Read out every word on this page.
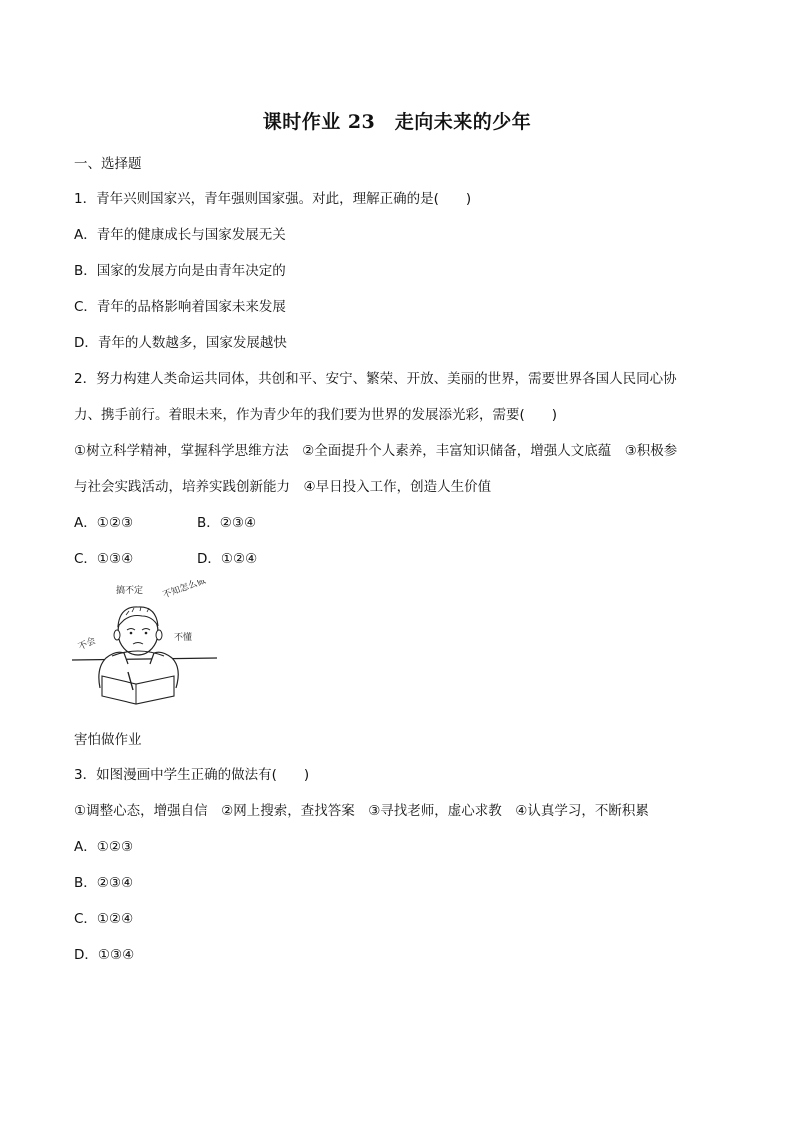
课时作业 23　走向未来的少年
一、选择题
1．青年兴则国家兴，青年强则国家强。对此，理解正确的是(　　)
A．青年的健康成长与国家发展无关
B．国家的发展方向是由青年决定的
C．青年的品格影响着国家未来发展
D．青年的人数越多，国家发展越快
2．努力构建人类命运共同体，共创和平、安宁、繁荣、开放、美丽的世界，需要世界各国人民同心协
力、携手前行。着眼未来，作为青少年的我们要为世界的发展添光彩，需要(　　)
①树立科学精神，掌握科学思维方法　②全面提升个人素养，丰富知识储备，增强人文底蕴　③积极参
与社会实践活动，培养实践创新能力　④早日投入工作，创造人生价值
A．①②③	B．②③④
C．①③④	D．①②④
搞不定 不知怎么做
不会	不懂
害怕做作业
3．如图漫画中学生正确的做法有(　　)
①调整心态，增强自信　②网上搜索，查找答案　③寻找老师，虚心求教　④认真学习，不断积累
A．①②③
B．②③④
C．①②④
D．①③④
